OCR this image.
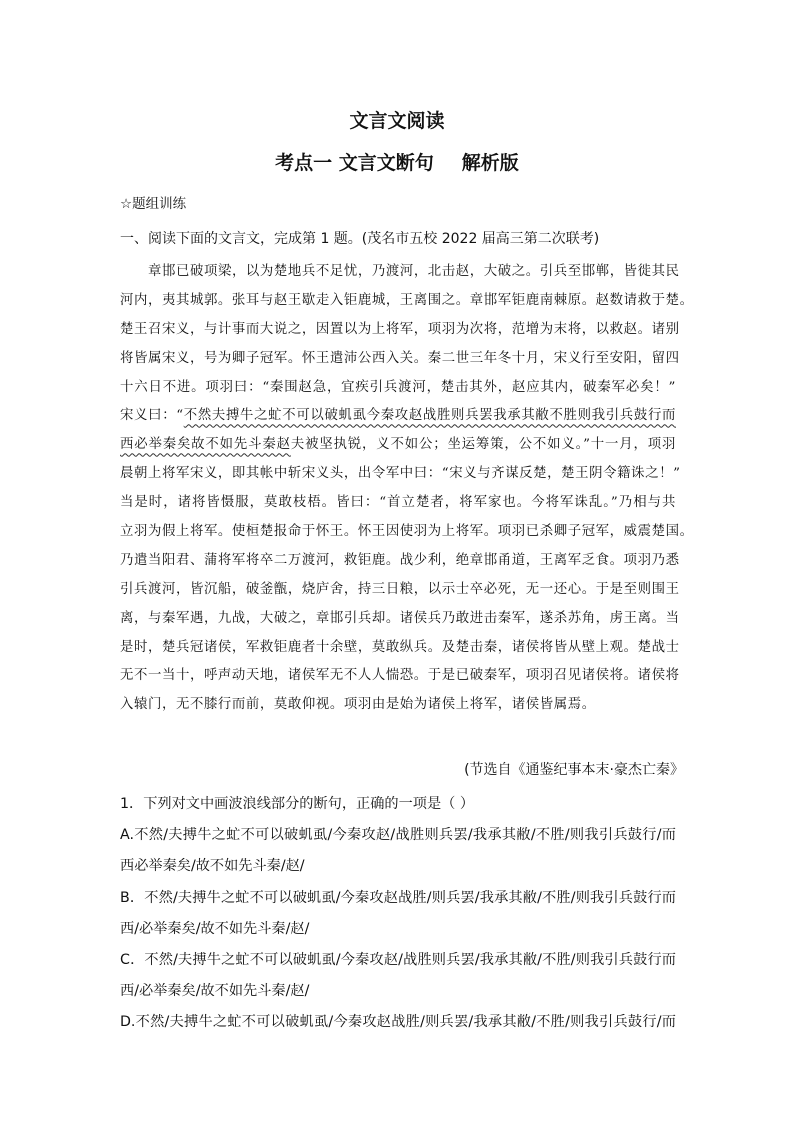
文言文阅读
考点一 文言文断句 解析版
☆题组训练
一、阅读下面的文言文，完成第 1 题。(茂名市五校 2022 届高三第二次联考)
章邯已破项梁，以为楚地兵不足忧，乃渡河，北击赵，大破之。引兵至邯郸，皆徙其民
河内，夷其城郭。张耳与赵王歇走入钜鹿城，王离围之。章邯军钜鹿南棘原。赵数请救于楚。
楚王召宋义，与计事而大说之，因置以为上将军，项羽为次将，范增为末将，以救赵。诸别
将皆属宋义，号为卿子冠军。怀王遣沛公西入关。秦二世三年冬十月，宋义行至安阳，留四
十六日不进。项羽曰：“秦围赵急，宜疾引兵渡河，楚击其外，赵应其内，破秦军必矣！”
宋义曰：“不然夫搏牛之虻不可以破虮虱今秦攻赵战胜则兵罢我承其敝不胜则我引兵鼓行而
西必举秦矣故不如先斗秦赵夫被坚执锐，义不如公；坐运筹策，公不如义。”十一月，项羽
晨朝上将军宋义，即其帐中斩宋义头，出令军中曰：“宋义与齐谋反楚，楚王阴令籍诛之！”
当是时，诸将皆慑服，莫敢枝梧。皆曰：“首立楚者，将军家也。今将军诛乱。”乃相与共
立羽为假上将军。使桓楚报命于怀王。怀王因使羽为上将军。项羽已杀卿子冠军，威震楚国。
乃遣当阳君、蒲将军将卒二万渡河，救钜鹿。战少利，绝章邯甬道，王离军乏食。项羽乃悉
引兵渡河，皆沉船，破釜甑，烧庐舍，持三日粮，以示士卒必死，无一还心。于是至则围王
离，与秦军遇，九战，大破之，章邯引兵却。诸侯兵乃敢进击秦军，遂杀苏角，虏王离。当
是时，楚兵冠诸侯，军救钜鹿者十余壁，莫敢纵兵。及楚击秦，诸侯将皆从壁上观。楚战士
无不一当十，呼声动天地，诸侯军无不人人惴恐。于是已破秦军，项羽召见诸侯将。诸侯将
入辕门，无不膝行而前，莫敢仰视。项羽由是始为诸侯上将军，诸侯皆属焉。
(节选自《通鉴纪事本末·豪杰亡秦》
1．下列对文中画波浪线部分的断句，正确的一项是（ ）
A.不然/夫搏牛之虻不可以破虮虱/今秦攻赵/战胜则兵罢/我承其敝/不胜/则我引兵鼓行/而
西必举秦矣/故不如先斗秦/赵/
B．不然/夫搏牛之虻不可以破虮虱/今秦攻赵战胜/则兵罢/我承其敝/不胜/则我引兵鼓行而
西/必举秦矣/故不如先斗秦/赵/
C．不然/夫搏牛之虻不可以破虮虱/今秦攻赵/战胜则兵罢/我承其敝/不胜/则我引兵鼓行而
西/必举秦矣/故不如先斗秦/赵/
D.不然/夫搏牛之虻不可以破虮虱/今秦攻赵战胜/则兵罢/我承其敝/不胜/则我引兵鼓行/而
